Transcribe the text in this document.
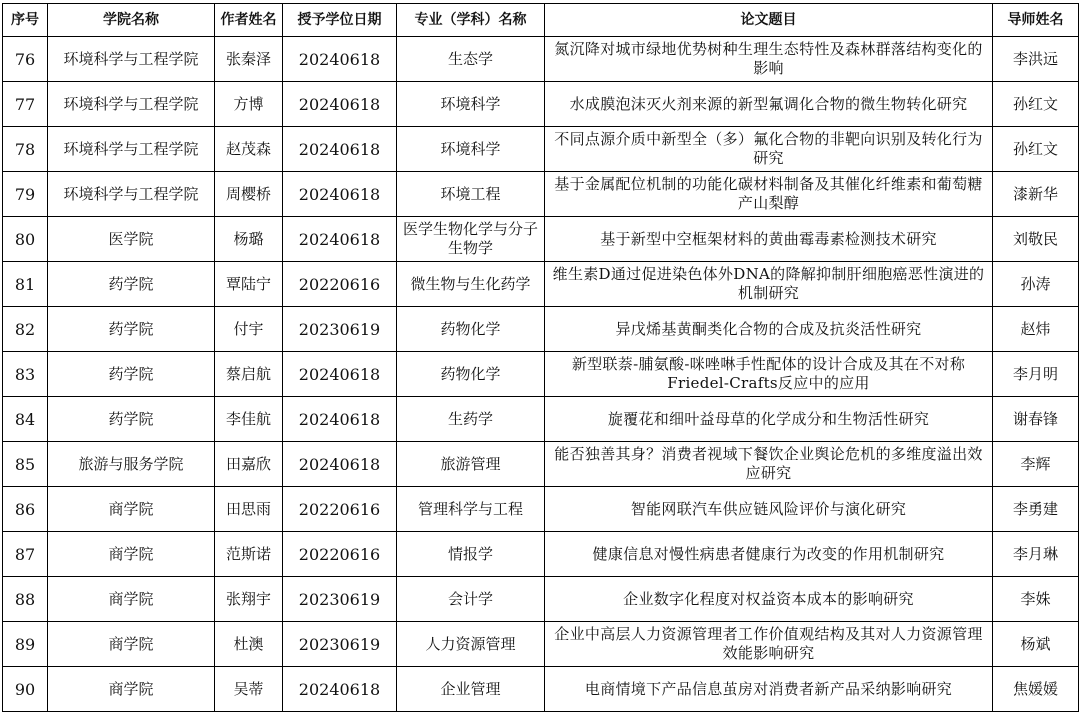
序号	学院名称	作者姓名	授予学位日期	专业（学科）名称	论文题目	导师姓名
76	环境科学与工程学院	张秦泽	20240618	生态学	氮沉降对城市绿地优势树种生理生态特性及森林群落结构变化的影响	李洪远
77	环境科学与工程学院	方博	20240618	环境科学	水成膜泡沫灭火剂来源的新型氟调化合物的微生物转化研究	孙红文
78	环境科学与工程学院	赵茂森	20240618	环境科学	不同点源介质中新型全（多）氟化合物的非靶向识别及转化行为研究	孙红文
79	环境科学与工程学院	周樱桥	20240618	环境工程	基于金属配位机制的功能化碳材料制备及其催化纤维素和葡萄糖产山梨醇	漆新华
80	医学院	杨璐	20240618	医学生物化学与分子生物学	基于新型中空框架材料的黄曲霉毒素检测技术研究	刘敬民
81	药学院	覃陆宁	20220616	微生物与生化药学	维生素D通过促进染色体外DNA的降解抑制肝细胞癌恶性演进的机制研究	孙涛
82	药学院	付宇	20230619	药物化学	异戊烯基黄酮类化合物的合成及抗炎活性研究	赵炜
83	药学院	蔡启航	20240618	药物化学	新型联萘-脯氨酸-咪唑啉手性配体的设计合成及其在不对称Friedel-Crafts反应中的应用	李月明
84	药学院	李佳航	20240618	生药学	旋覆花和细叶益母草的化学成分和生物活性研究	谢春锋
85	旅游与服务学院	田嘉欣	20240618	旅游管理	能否独善其身？消费者视域下餐饮企业舆论危机的多维度溢出效应研究	李辉
86	商学院	田思雨	20220616	管理科学与工程	智能网联汽车供应链风险评价与演化研究	李勇建
87	商学院	范斯诺	20220616	情报学	健康信息对慢性病患者健康行为改变的作用机制研究	李月琳
88	商学院	张翔宇	20230619	会计学	企业数字化程度对权益资本成本的影响研究	李姝
89	商学院	杜澳	20230619	人力资源管理	企业中高层人力资源管理者工作价值观结构及其对人力资源管理效能影响研究	杨斌
90	商学院	吴蒂	20240618	企业管理	电商情境下产品信息茧房对消费者新产品采纳影响研究	焦媛媛
